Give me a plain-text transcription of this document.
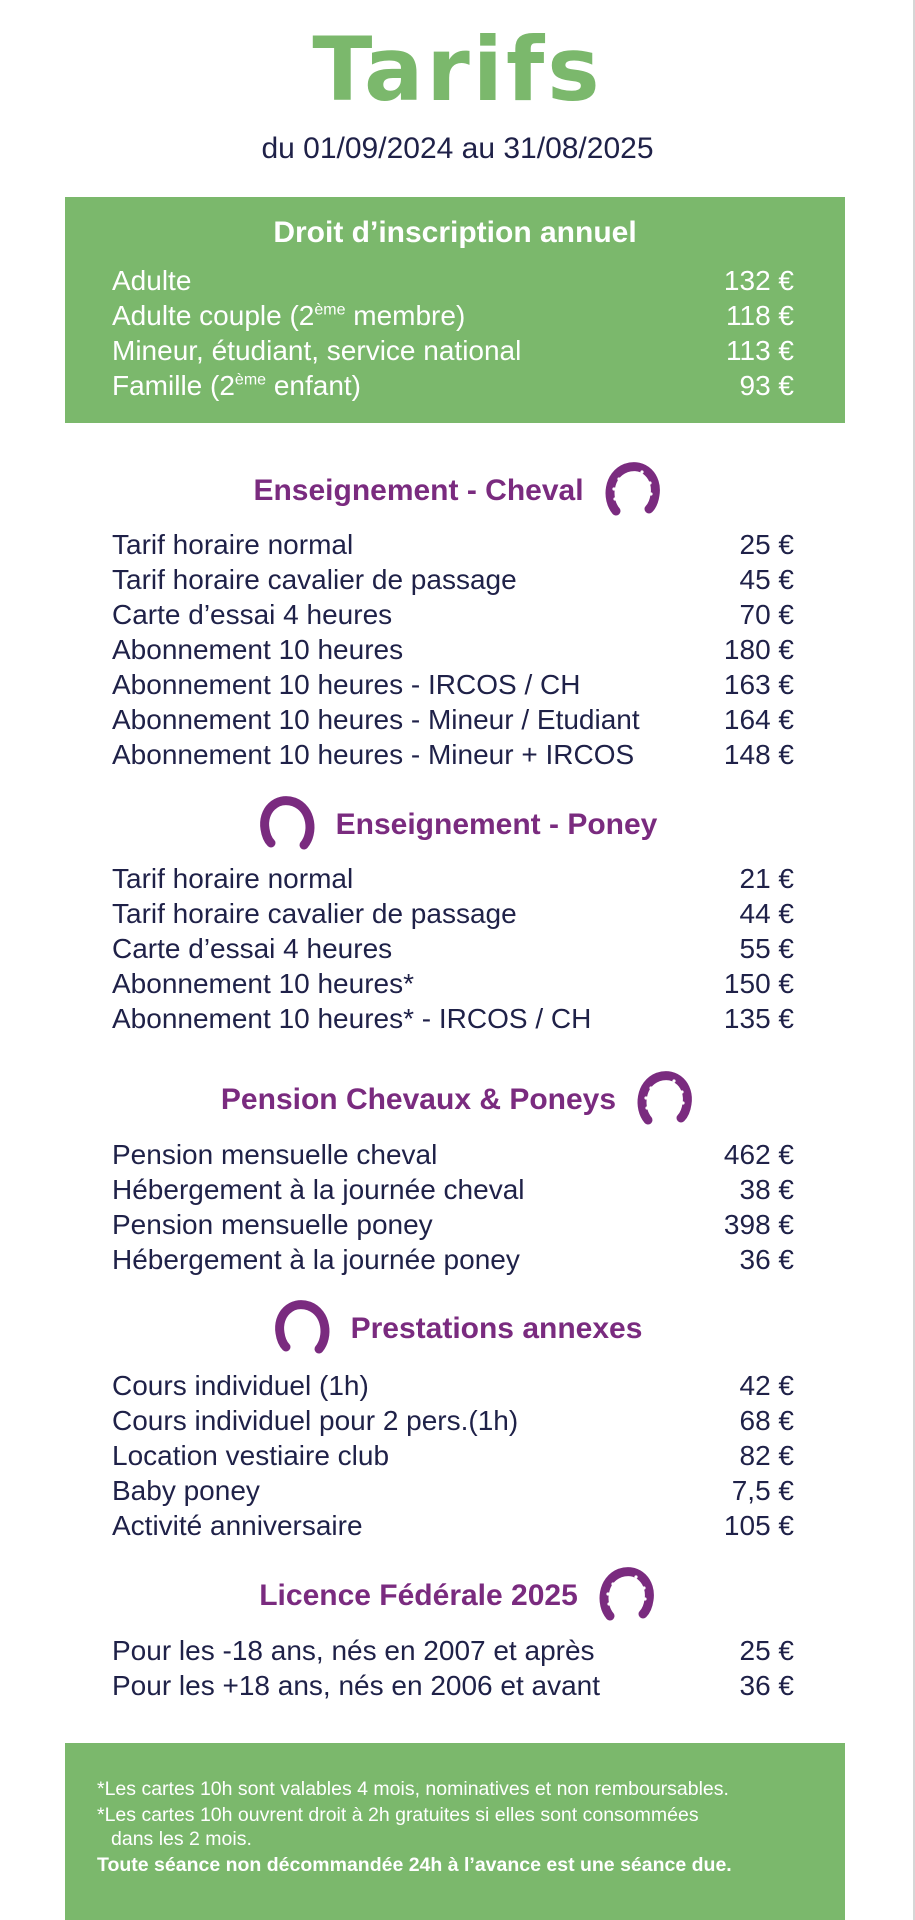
Tarifs
du 01/09/2024 au 31/08/2025
Droit d’inscription annuel
Adulte	132 €
Adulte couple (2ème membre)	118 €
Mineur, étudiant, service national	113 €
Famille (2ème enfant)	93 €
Enseignement - Cheval
Tarif horaire normal	25 €
Tarif horaire cavalier de passage	45 €
Carte d’essai 4 heures	70 €
Abonnement 10 heures	180 €
Abonnement 10 heures - IRCOS / CH	163 €
Abonnement 10 heures - Mineur / Etudiant	164 €
Abonnement 10 heures - Mineur + IRCOS	148 €
Enseignement - Poney
Tarif horaire normal	21 €
Tarif horaire cavalier de passage	44 €
Carte d’essai 4 heures	55 €
Abonnement 10 heures*	150 €
Abonnement 10 heures* - IRCOS / CH	135 €
Pension Chevaux & Poneys
Pension mensuelle cheval	462 €
Hébergement à la journée cheval	38 €
Pension mensuelle poney	398 €
Hébergement à la journée poney	36 €
Prestations annexes
Cours individuel (1h)	42 €
Cours individuel pour 2 pers.(1h)	68 €
Location vestiaire club	82 €
Baby poney	7,5 €
Activité anniversaire	105 €
Licence Fédérale 2025
Pour les -18 ans, nés en 2007 et après	25 €
Pour les +18 ans, nés en 2006 et avant	36 €
*Les cartes 10h sont valables 4 mois, nominatives et non remboursables.
*Les cartes 10h ouvrent droit à 2h gratuites si elles sont consommées
dans les 2 mois.
Toute séance non décommandée 24h à l’avance est une séance due.
